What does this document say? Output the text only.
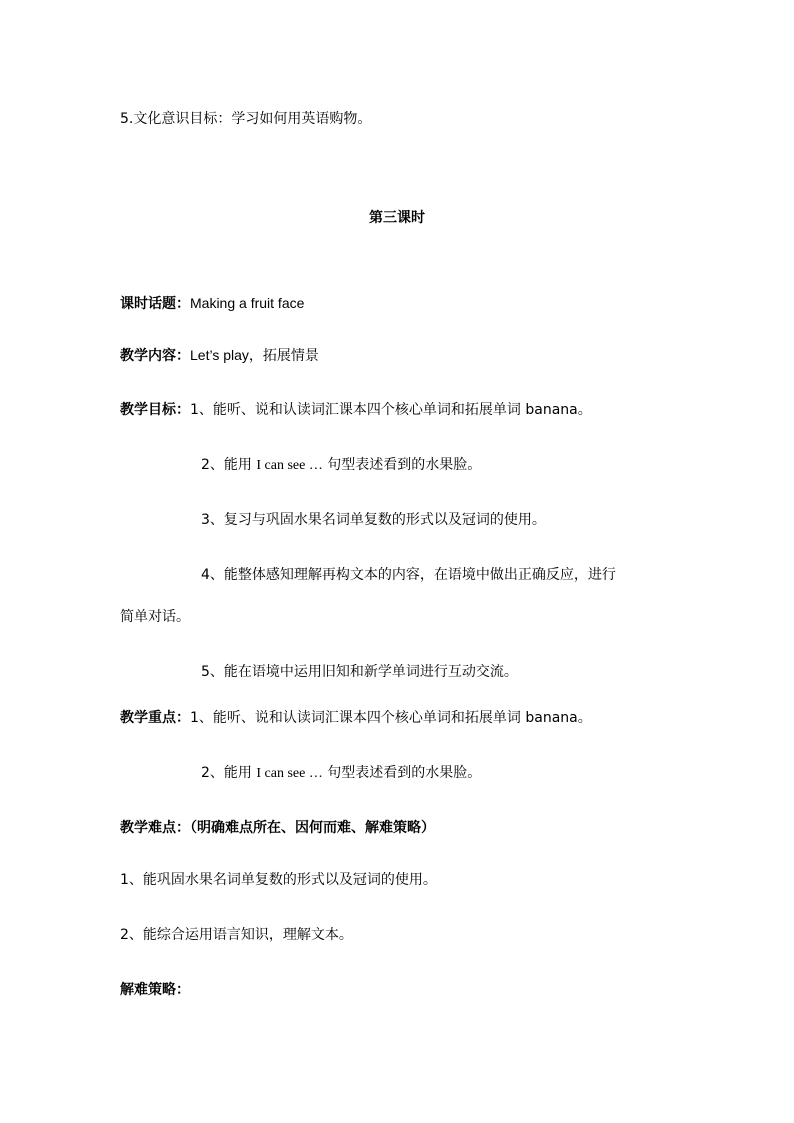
5.文化意识目标：学习如何用英语购物。
第三课时
课时话题：Making a fruit face
教学内容：Let’s play，拓展情景
教学目标：1、能听、说和认读词汇课本四个核心单词和拓展单词 banana。
2、能用 I can see … 句型表述看到的水果脸。
3、复习与巩固水果名词单复数的形式以及冠词的使用。
4、能整体感知理解再构文本的内容，在语境中做出正确反应，进行
简单对话。
5、能在语境中运用旧知和新学单词进行互动交流。
教学重点：1、能听、说和认读词汇课本四个核心单词和拓展单词 banana。
2、能用 I can see … 句型表述看到的水果脸。
教学难点：（明确难点所在、因何而难、解难策略）
1、能巩固水果名词单复数的形式以及冠词的使用。
2、能综合运用语言知识，理解文本。
解难策略：
